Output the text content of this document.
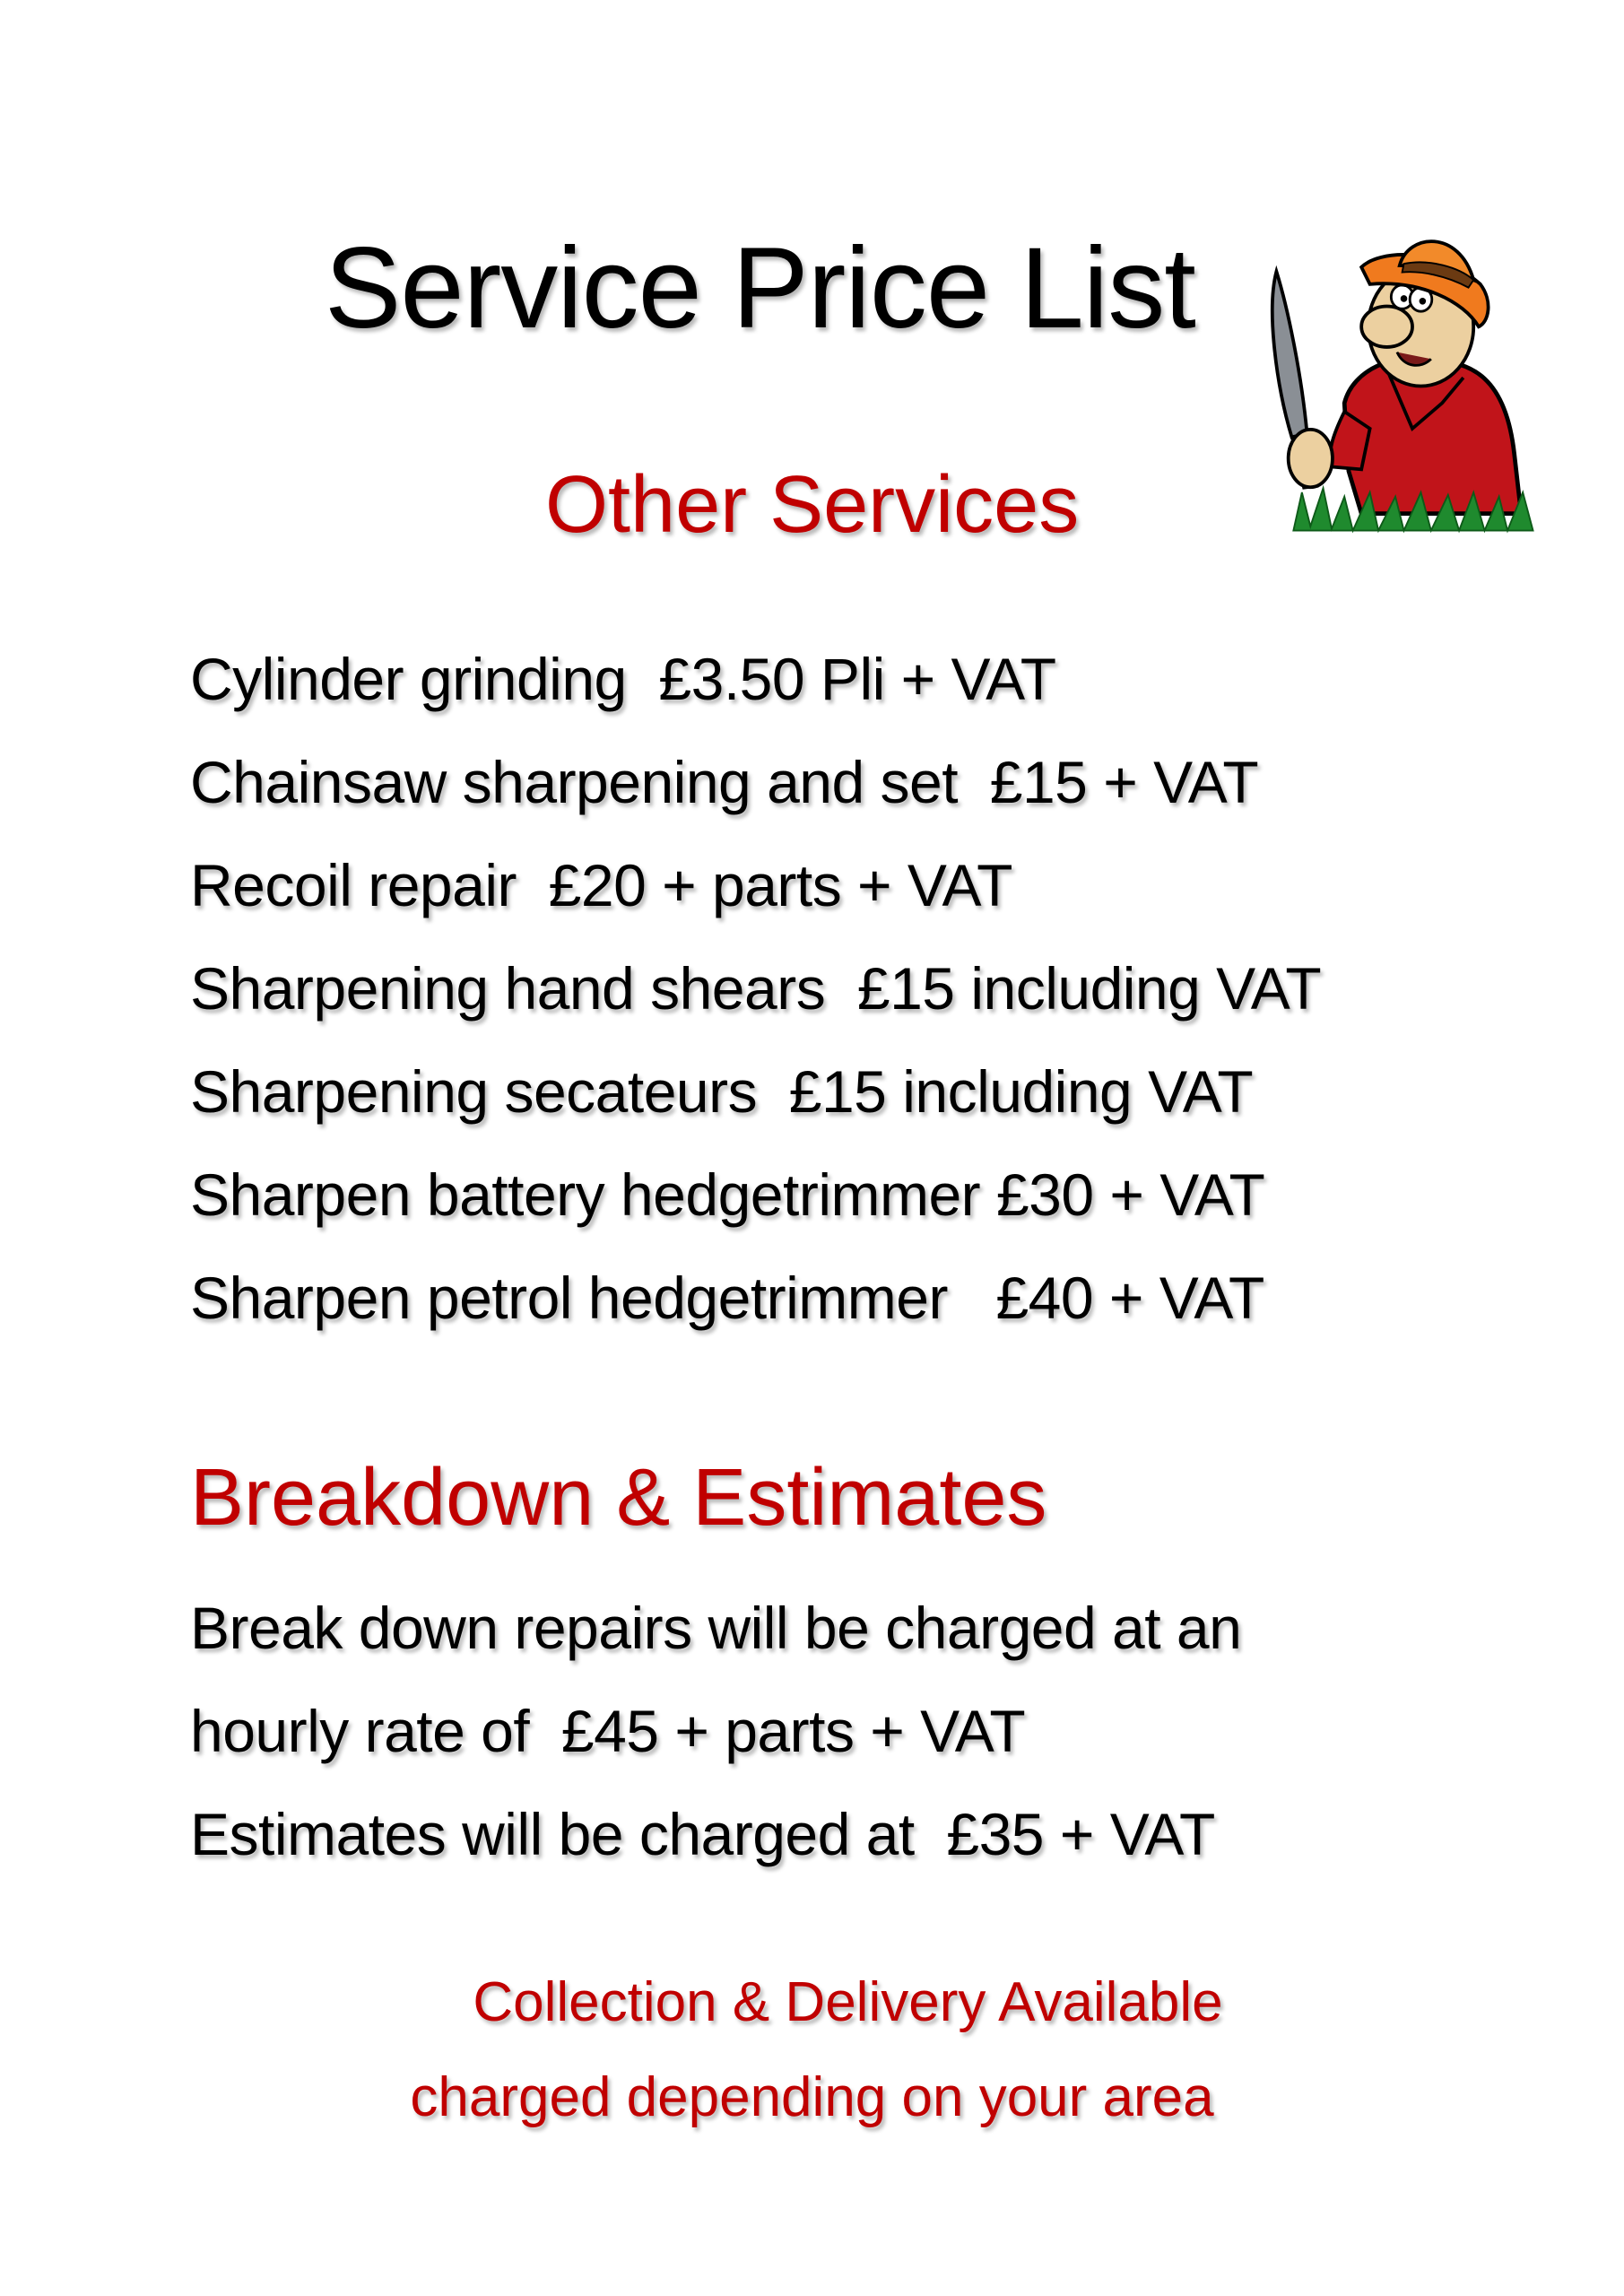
Service Price List
Other Services
Cylinder grinding  £3.50 Pli + VAT
Chainsaw sharpening and set  £15 + VAT
Recoil repair  £20 + parts + VAT
Sharpening hand shears  £15 including VAT
Sharpening secateurs  £15 including VAT
Sharpen battery hedgetrimmer £30 + VAT
Sharpen petrol hedgetrimmer   £40 + VAT
Breakdown & Estimates
Break down repairs will be charged at an
hourly rate of  £45 + parts + VAT
Estimates will be charged at  £35 + VAT
Collection & Delivery Available
charged depending on your area
